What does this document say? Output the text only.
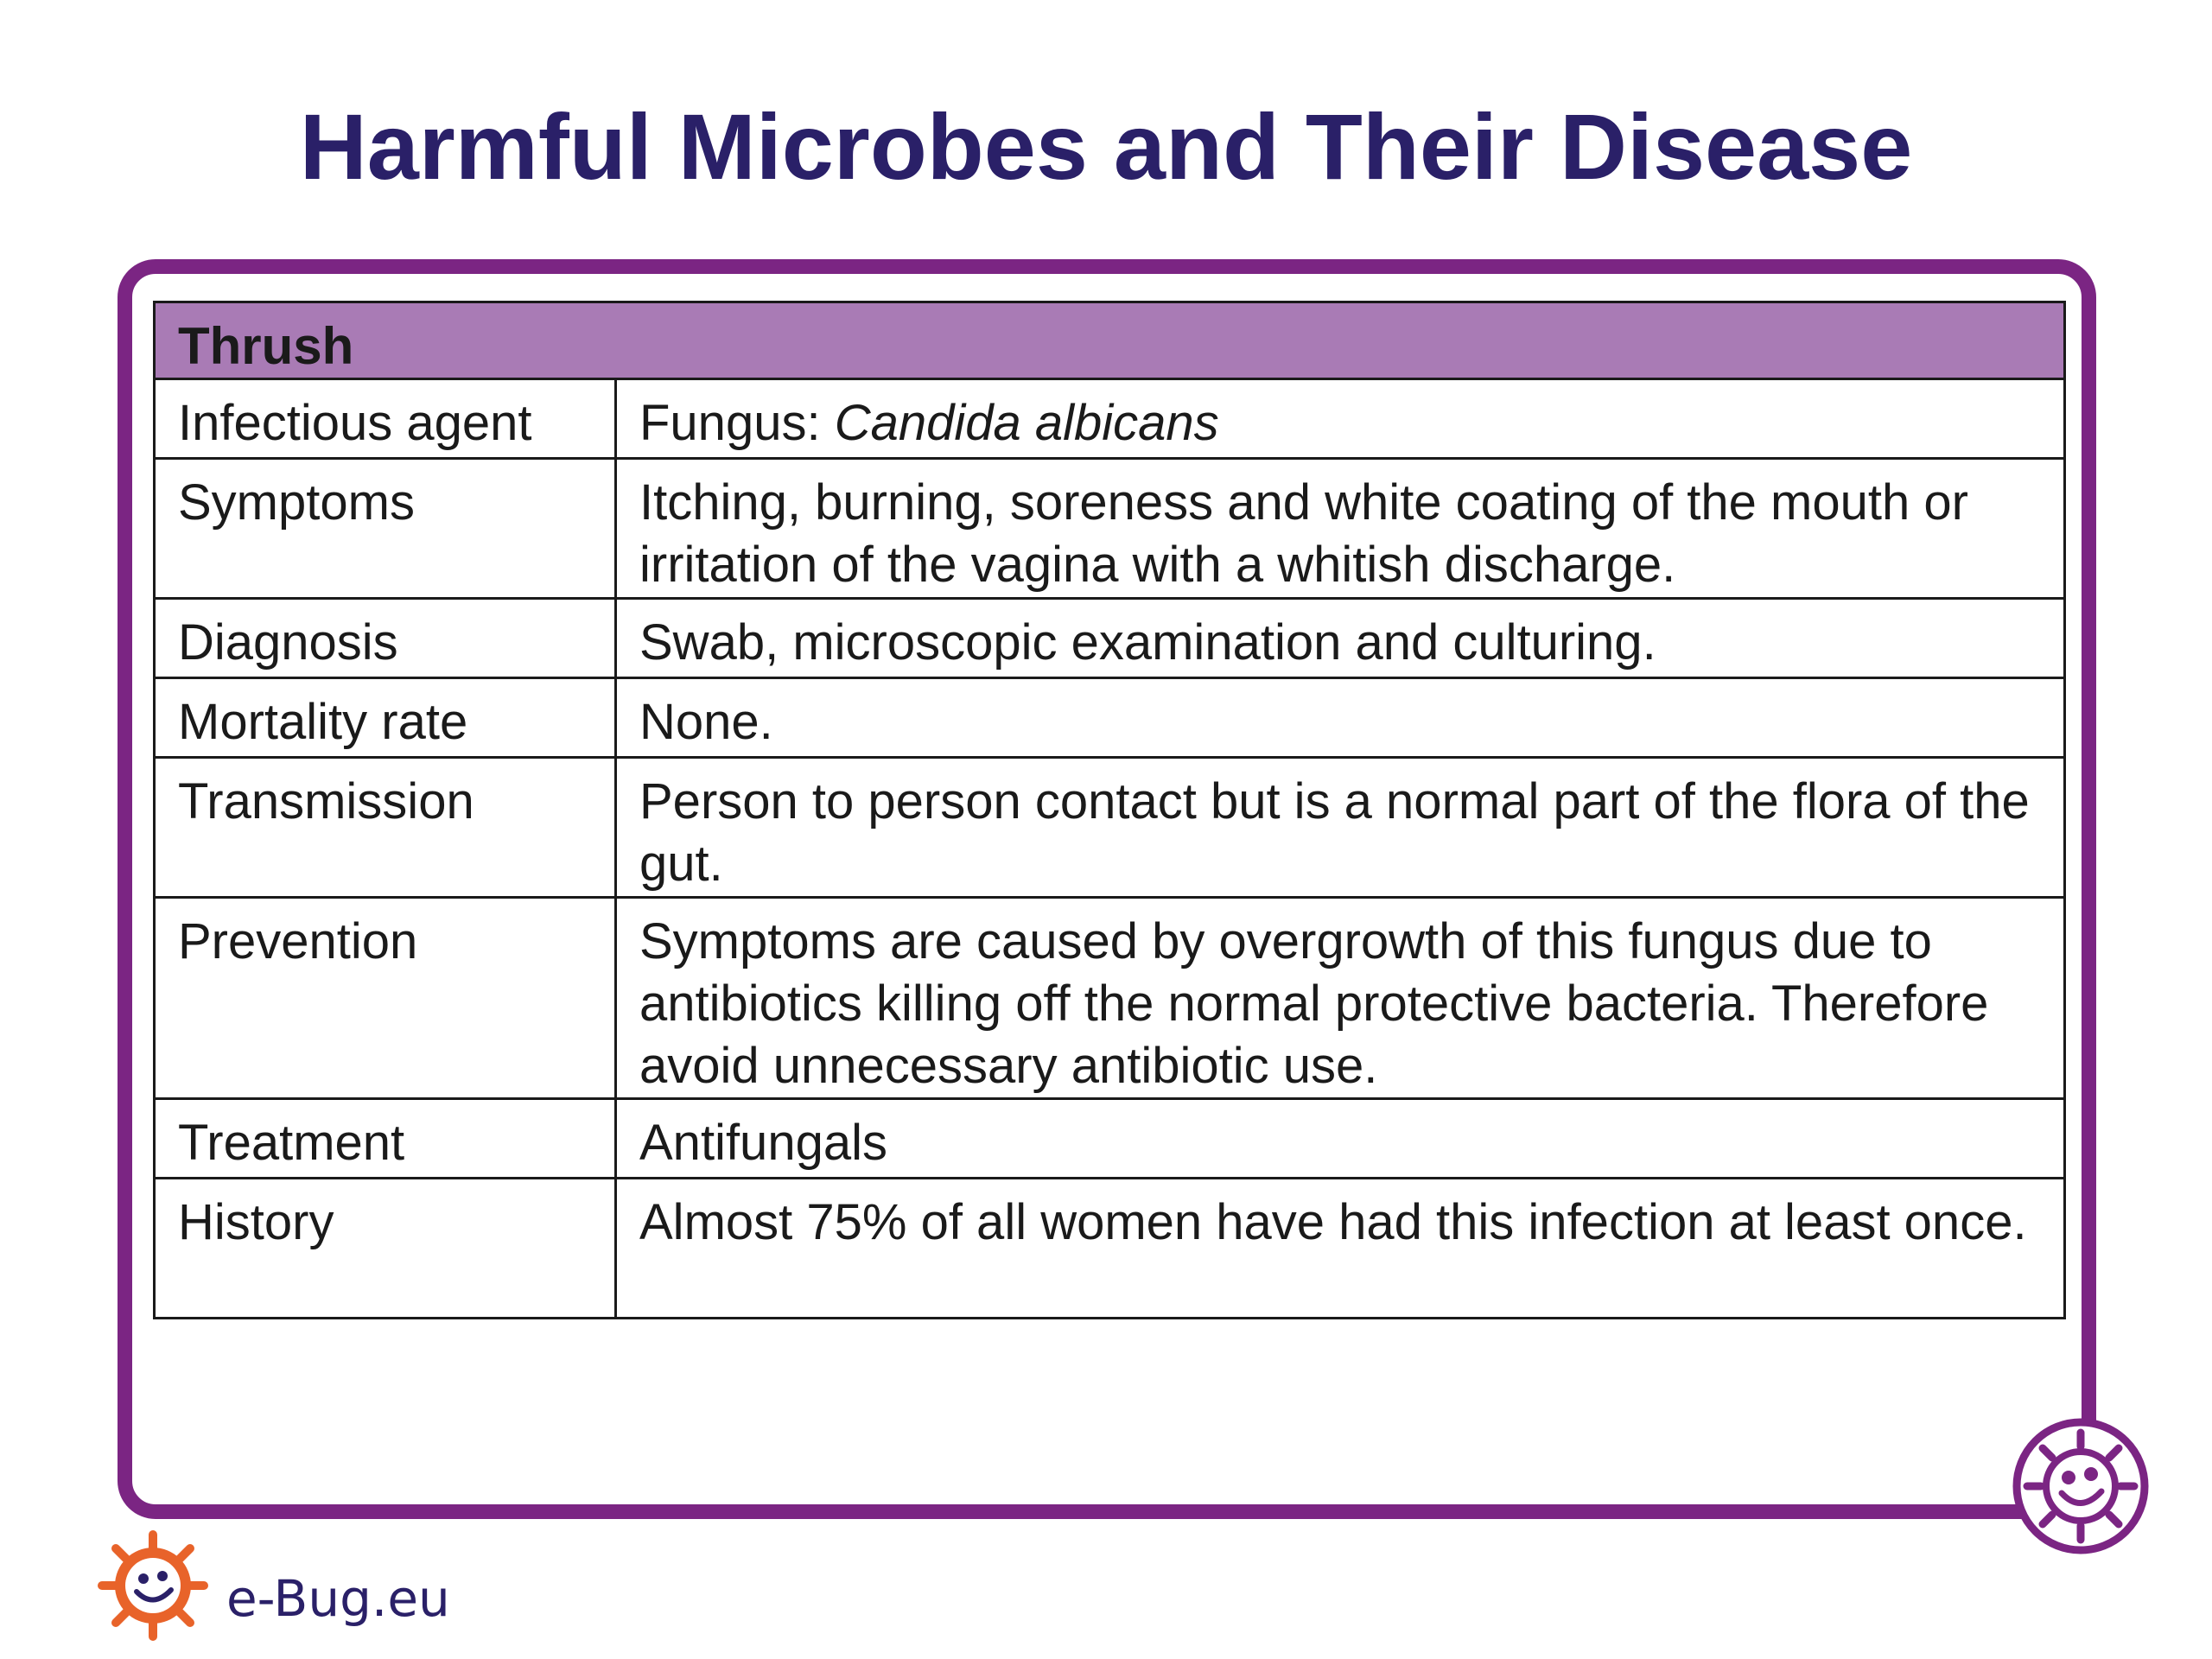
Harmful Microbes and Their Disease
Thrush	
Infectious agent	Fungus: Candida albicans
Symptoms	Itching, burning, soreness and white coating of the mouth or irritation of the vagina with a whitish discharge.
Diagnosis	Swab, microscopic examination and culturing.
Mortality rate	None.
Transmission	Person to person contact but is a normal part of the flora of the gut.
Prevention	Symptoms are caused by overgrowth of this fungus due to antibiotics killing off the normal protective bacteria. Therefore avoid unnecessary antibiotic use.
Treatment	Antifungals
History	Almost 75% of all women have had this infection at least once.
e-Bug.eu
